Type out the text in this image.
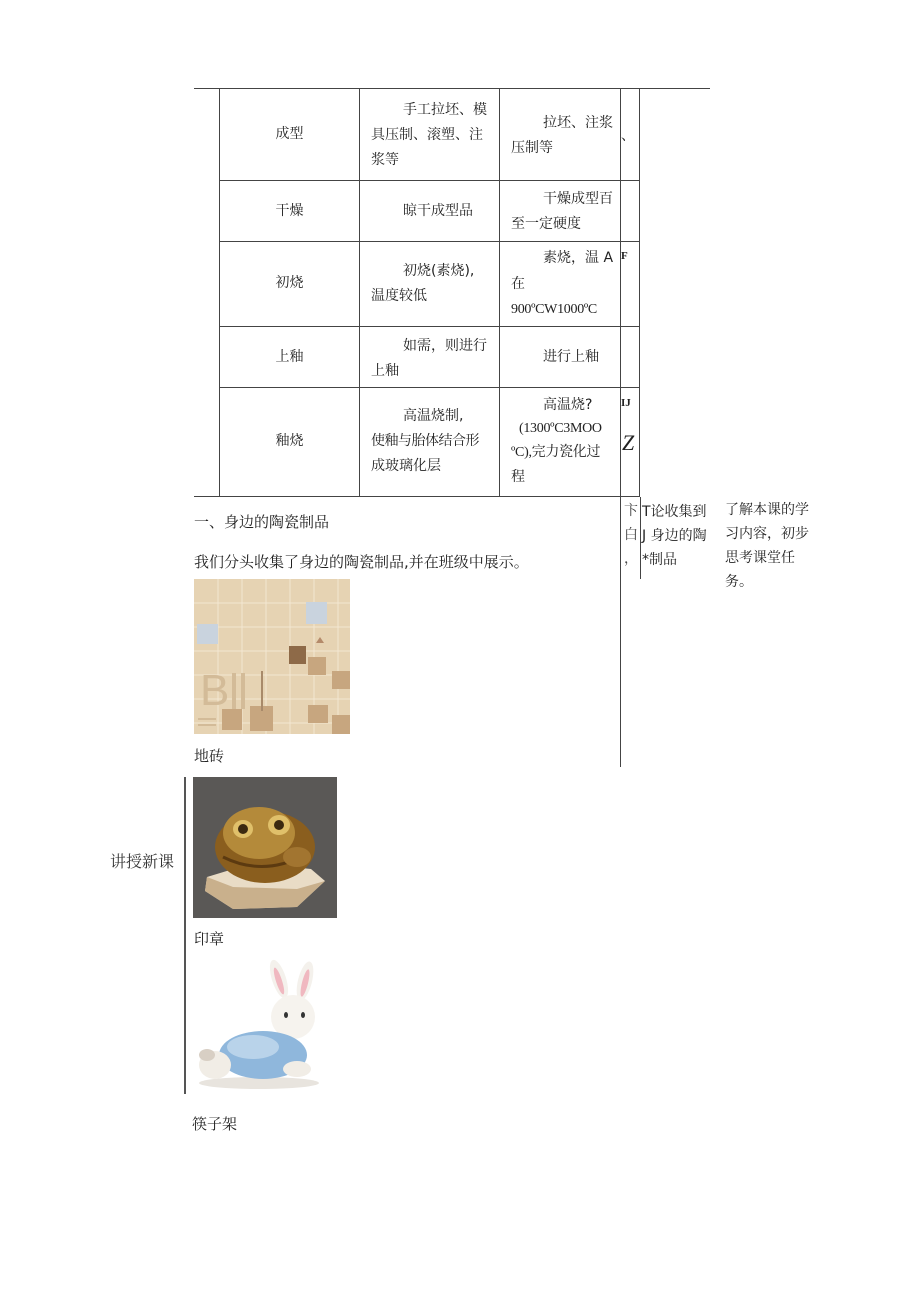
成型
手工拉坯、模
具压制、滚塑、注
浆等
拉坯、注浆
压制等
、
干燥	晾干成型品
干燥成型百
至一定硬度
初烧
初烧(素烧),
温度较低
素烧，温 A
在
900ºCW1000ºC
F
上釉
如需，则进行
上釉
进行上釉
釉烧
高温烧制,
使釉与胎体结合形
成玻璃化层
高温烧?
(1300ºC3MOO
ºC),完力瓷化过
程
IJ
Z
一、身边的陶瓷制品
我们分头收集了身边的陶瓷制品,并在班级中展示。
卞
白
，
T论收集到
J 身边的陶
*制品
了解本课的学
习内容，初步
思考课堂任
务。
B
地砖
讲授新课
印章
筷子架
